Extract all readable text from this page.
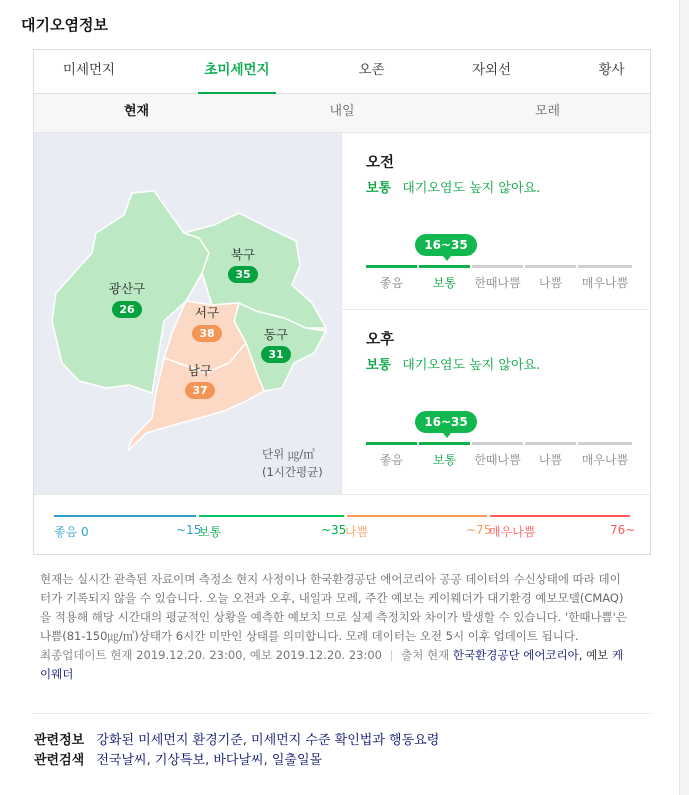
대기오염정보
미세먼지	초미세먼지	오존	자외선	황사
현재	내일	모레
광산구
26
북구
35
서구
38	동구
31
남구
37
단위 ㎍/㎥
(1시간평균)
오전
보통 대기오염도 높지 않아요.
16~35
좋음	보통	한때나쁨	나쁨	매우나쁨
오후
보통 대기오염도 높지 않아요.
16~35
좋음	보통	한때나쁨	나쁨	매우나쁨
좋음 0	~15
보통	~35
나쁨	~75
매우나쁨	76~
현재는 실시간 관측된 자료이며 측정소 현지 사정이나 한국환경공단 에어코리아 공공 데이터의 수신상태에 따라 데이터가 기록되지 않을 수 있습니다. 오늘 오전과 오후, 내일과 모레, 주간 예보는 케이웨더가 대기환경 예보모델(CMAQ)을 적용해 해당 시간대의 평균적인 상황을 예측한 예보치 므로 실제 측정치와 차이가 발생할 수 있습니다. '한때나쁨'은 나쁨(81-150㎍/㎥)상태가 6시간 미만인 상태를 의미합니다. 모레 데이터는 오전 5시 이후 업데이트 됩니다.
최종업데이트 현재 2019.12.20. 23:00, 예보 2019.12.20. 23:00 | 출처 현재 한국환경공단 에어코리아, 예보 케이웨더
관련정보 강화된 미세먼지 환경기준, 미세먼지 수준 확인법과 행동요령
관련검색 전국날씨, 기상특보, 바다날씨, 일출일몰
